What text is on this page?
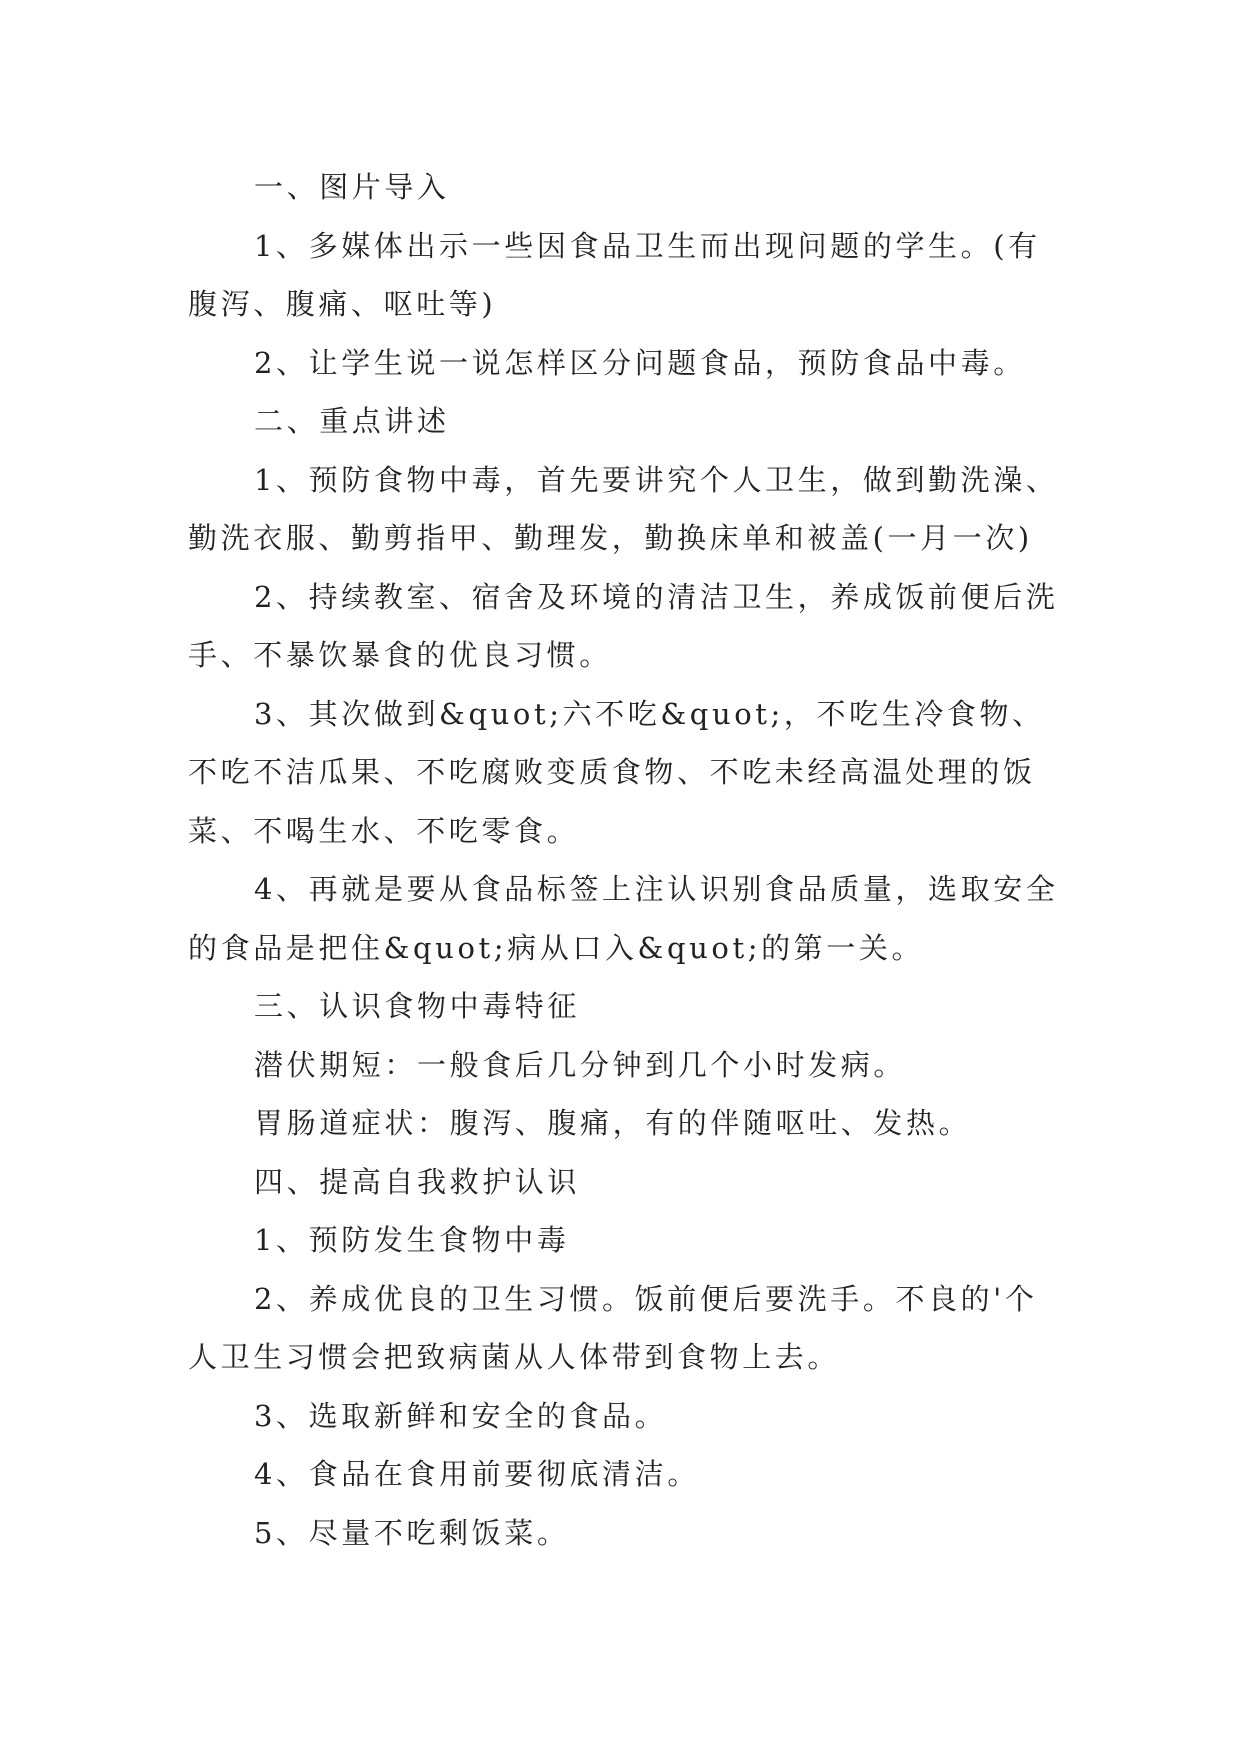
一、图片导入

1、多媒体出示一些因食品卫生而出现问题的学生。(有腹泻、腹痛、呕吐等)

2、让学生说一说怎样区分问题食品，预防食品中毒。

二、重点讲述

1、预防食物中毒，首先要讲究个人卫生，做到勤洗澡、勤洗衣服、勤剪指甲、勤理发，勤换床单和被盖(一月一次)

2、持续教室、宿舍及环境的清洁卫生，养成饭前便后洗手、不暴饮暴食的优良习惯。

3、其次做到&quot;六不吃&quot;，不吃生冷食物、不吃不洁瓜果、不吃腐败变质食物、不吃未经高温处理的饭菜、不喝生水、不吃零食。

4、再就是要从食品标签上注认识别食品质量，选取安全的食品是把住&quot;病从口入&quot;的第一关。

三、认识食物中毒特征

潜伏期短：一般食后几分钟到几个小时发病。

胃肠道症状：腹泻、腹痛，有的伴随呕吐、发热。

四、提高自我救护认识

1、预防发生食物中毒

2、养成优良的卫生习惯。饭前便后要洗手。不良的'个人卫生习惯会把致病菌从人体带到食物上去。

3、选取新鲜和安全的食品。

4、食品在食用前要彻底清洁。

5、尽量不吃剩饭菜。
